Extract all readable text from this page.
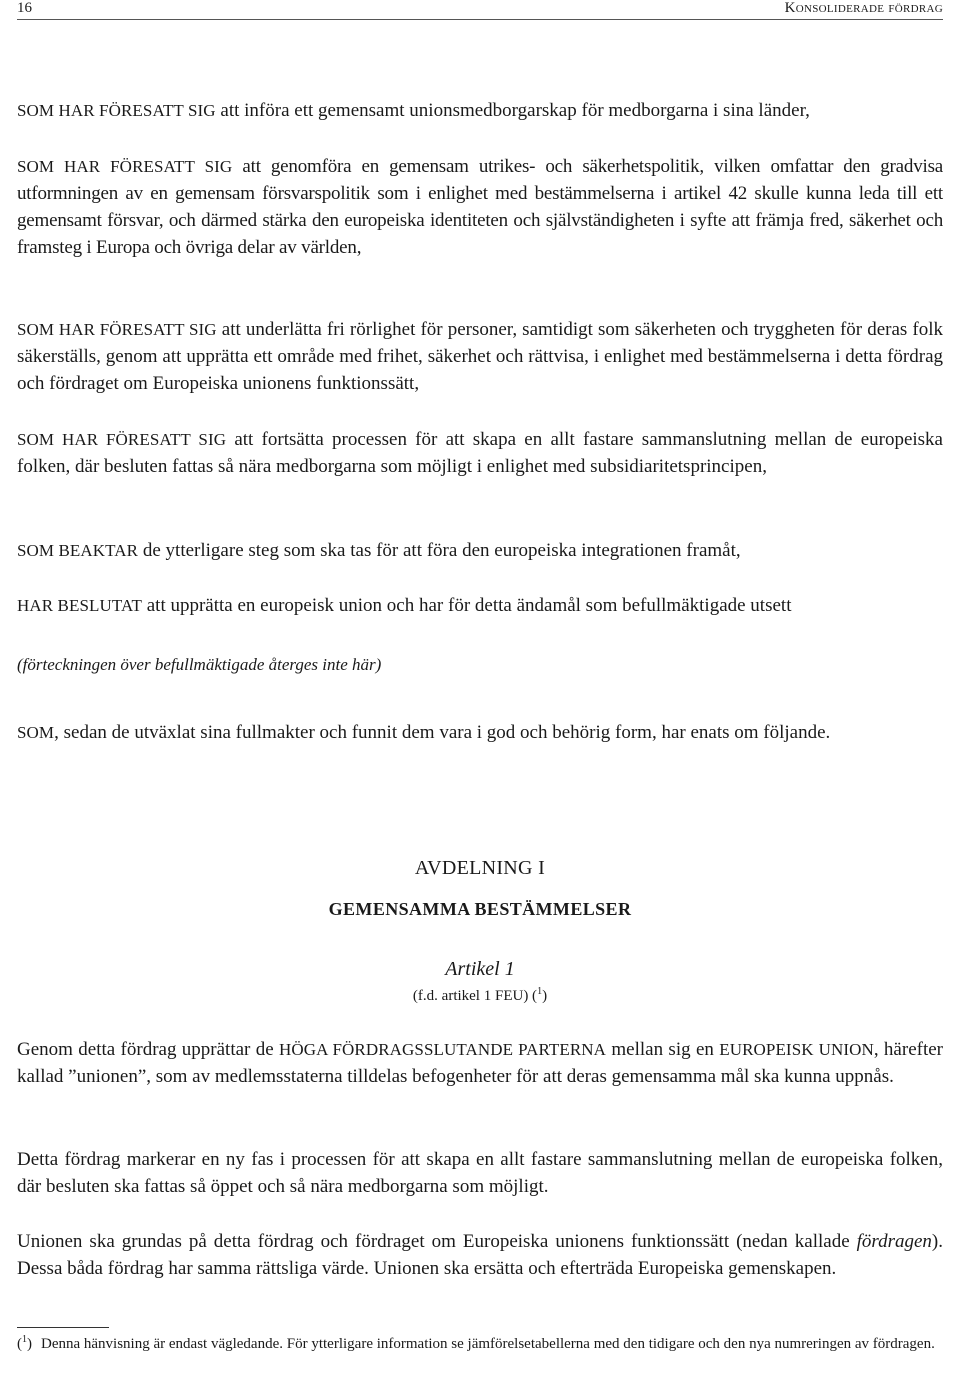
16	Konsoliderade fördrag

SOM HAR FÖRESATT SIG att införa ett gemensamt unionsmedborgarskap för medborgarna i sina länder,

SOM HAR FÖRESATT SIG att genomföra en gemensam utrikes- och säkerhetspolitik, vilken omfattar den gradvisa utformningen av en gemensam försvarspolitik som i enlighet med bestämmelserna i artikel 42 skulle kunna leda till ett gemensamt försvar, och därmed stärka den europeiska identiteten och självständigheten i syfte att främja fred, säkerhet och framsteg i Europa och övriga delar av världen,

SOM HAR FÖRESATT SIG att underlätta fri rörlighet för personer, samtidigt som säkerheten och tryggheten för deras folk säkerställs, genom att upprätta ett område med frihet, säkerhet och rättvisa, i enlighet med bestämmelserna i detta fördrag och fördraget om Europeiska unionens funktionssätt,

SOM HAR FÖRESATT SIG att fortsätta processen för att skapa en allt fastare sammanslutning mellan de europeiska folken, där besluten fattas så nära medborgarna som möjligt i enlighet med subsidiaritetsprincipen,

SOM BEAKTAR de ytterligare steg som ska tas för att föra den europeiska integrationen framåt,

HAR BESLUTAT att upprätta en europeisk union och har för detta ändamål som befullmäktigade utsett

(förteckningen över befullmäktigade återges inte här)

SOM, sedan de utväxlat sina fullmakter och funnit dem vara i god och behörig form, har enats om följande.

AVDELNING I
GEMENSAMMA BESTÄMMELSER
Artikel 1
(f.d. artikel 1 FEU) ($^1$)

Genom detta fördrag upprättar de HÖGA FÖRDRAGSSLUTANDE PARTERNA mellan sig en EUROPEISK UNION, härefter kallad ”unionen”, som av medlemsstaterna tilldelas befogenheter för att deras gemensamma mål ska kunna uppnås.

Detta fördrag markerar en ny fas i processen för att skapa en allt fastare sammanslutning mellan de europeiska folken, där besluten ska fattas så öppet och så nära medborgarna som möjligt.

Unionen ska grundas på detta fördrag och fördraget om Europeiska unionens funktionssätt (nedan kallade fördragen). Dessa båda fördrag har samma rättsliga värde. Unionen ska ersätta och efterträda Europeiska gemenskapen.

($^1$) Denna hänvisning är endast vägledande. För ytterligare information se jämförelsetabellerna med den tidigare och den nya numreringen av fördragen.
